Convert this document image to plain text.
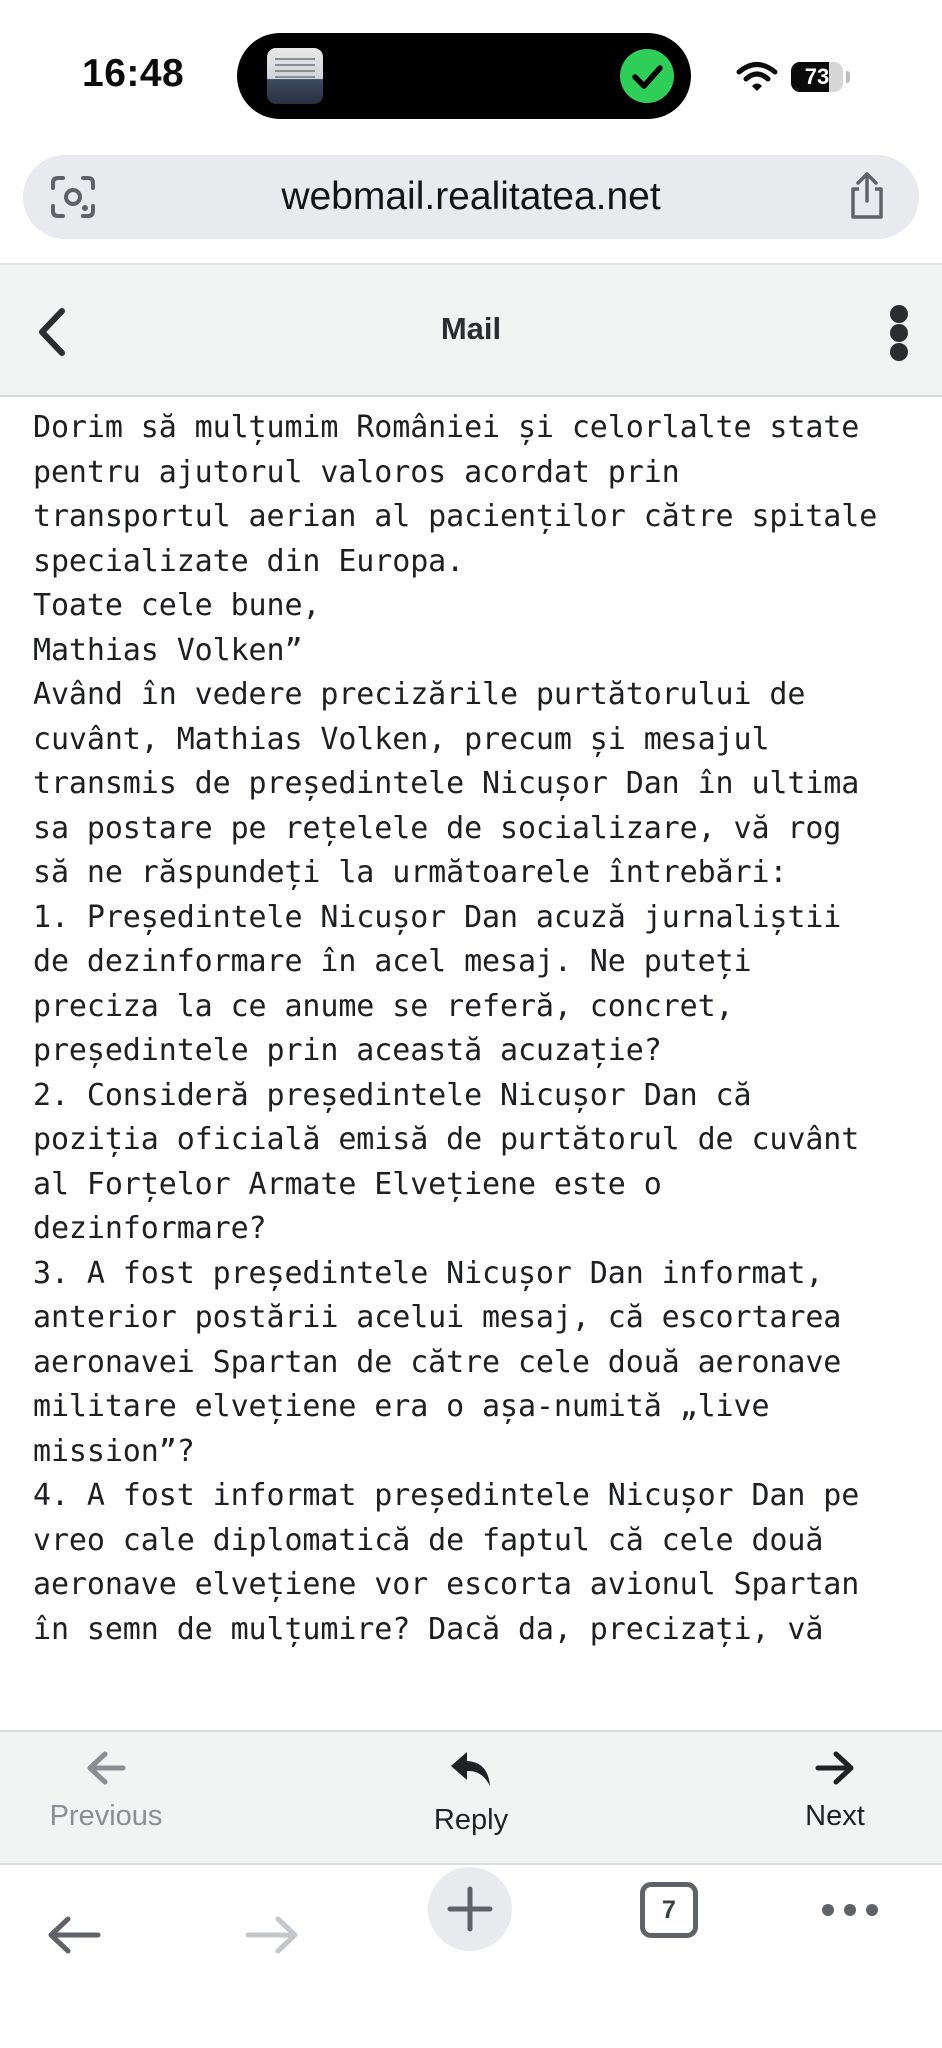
16:48	73
webmail.realitatea.net
Mail

Dorim să mulțumim României și celorlalte state

pentru ajutorul valoros acordat prin

transportul aerian al pacienților către spitale

specializate din Europa.

Toate cele bune,

Mathias Volken”

Având în vedere precizările purtătorului de

cuvânt, Mathias Volken, precum și mesajul

transmis de președintele Nicușor Dan în ultima

sa postare pe rețelele de socializare, vă rog

să ne răspundeți la următoarele întrebări:

1. Președintele Nicușor Dan acuză jurnaliștii

de dezinformare în acel mesaj. Ne puteți

preciza la ce anume se referă, concret,

președintele prin această acuzație?

2. Consideră președintele Nicușor Dan că

poziția oficială emisă de purtătorul de cuvânt

al Forțelor Armate Elvețiene este o

dezinformare?

3. A fost președintele Nicușor Dan informat,

anterior postării acelui mesaj, că escortarea

aeronavei Spartan de către cele două aeronave

militare elvețiene era o așa-numită „live

mission”?

4. A fost informat președintele Nicușor Dan pe

vreo cale diplomatică de faptul că cele două

aeronave elvețiene vor escorta avionul Spartan

în semn de mulțumire? Dacă da, precizați, vă

Previous	Reply	Next
7
